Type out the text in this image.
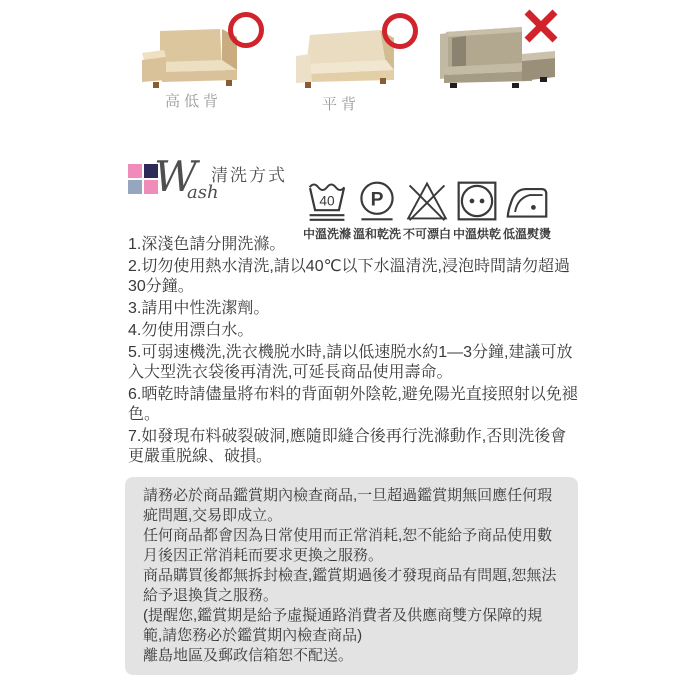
高低背	平背
W
ash
清洗方式
40
中溫洗滌
P
溫和乾洗 不可漂白 中溫烘乾 低溫熨燙

1.深淺色請分開洗滌。

2.切勿使用熱水清洗,請以40℃以下水溫清洗,浸泡時間請勿超過30分鐘。

3.請用中性洗潔劑。

4.勿使用漂白水。

5.可弱速機洗,洗衣機脱水時,請以低速脱水約1—3分鐘,建議可放入大型洗衣袋後再清洗,可延長商品使用壽命。

6.晒乾時請儘量將布料的背面朝外陰乾,避免陽光直接照射以免褪色。

7.如發現布料破裂破洞,應隨即縫合後再行洗滌動作,否則洗後會更嚴重脱線、破損。

請務必於商品鑑賞期內檢查商品,一旦超過鑑賞期無回應任何瑕疵問題,交易即成立。

任何商品都會因為日常使用而正常消耗,恕不能給予商品使用數月後因正常消耗而要求更換之服務。

商品購買後都無拆封檢查,鑑賞期過後才發現商品有問題,恕無法給予退換貨之服務。

(提醒您,鑑賞期是給予虛擬通路消費者及供應商雙方保障的規範,請您務必於鑑賞期內檢查商品)

離島地區及郵政信箱恕不配送。
